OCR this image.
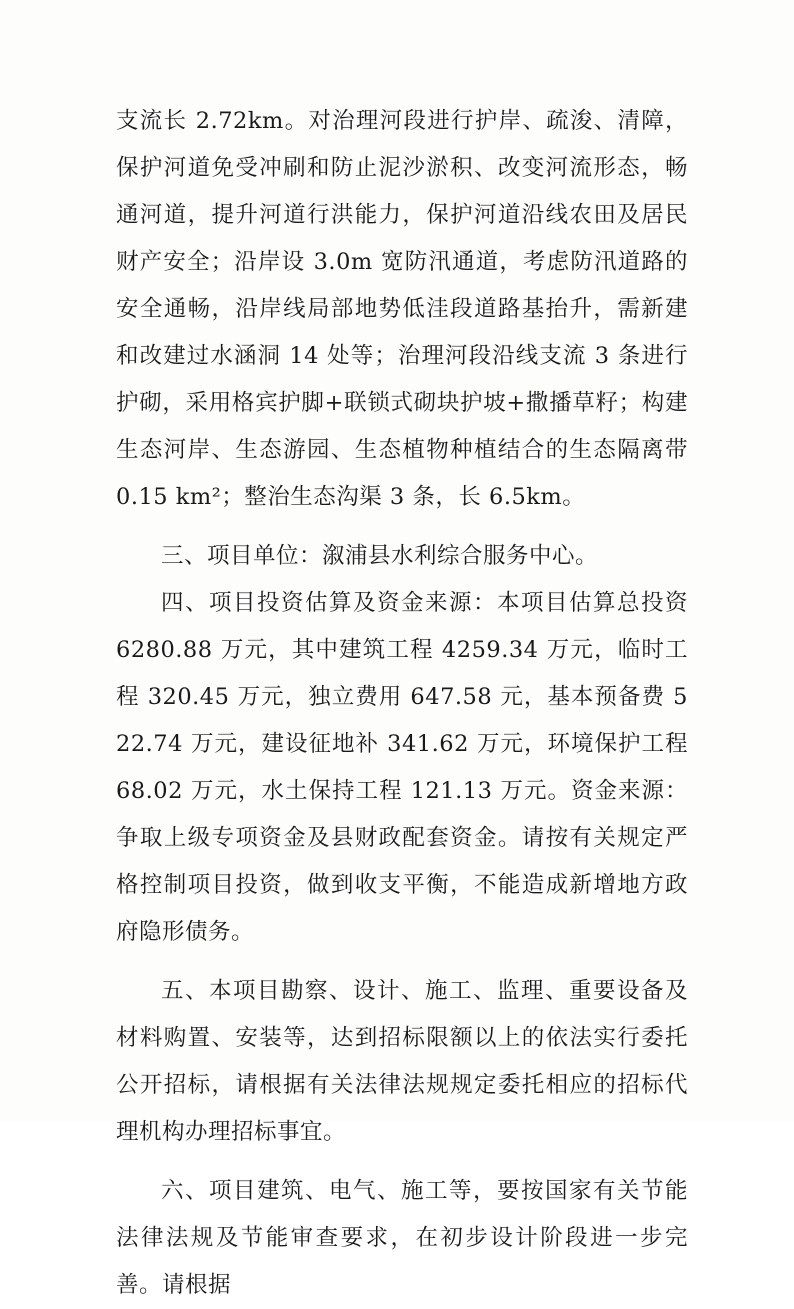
支流长 2.72km。对治理河段进行护岸、疏浚、清障，保护河道免受冲刷和防止泥沙淤积、改变河流形态，畅通河道，提升河道行洪能力，保护河道沿线农田及居民财产安全；沿岸设 3.0m 宽防汛通道，考虑防汛道路的安全通畅，沿岸线局部地势低洼段道路基抬升，需新建和改建过水涵洞 14 处等；治理河段沿线支流 3 条进行护砌，采用格宾护脚+联锁式砌块护坡+撒播草籽；构建生态河岸、生态游园、生态植物种植结合的生态隔离带 0.15 km²；整治生态沟渠 3 条，长 6.5km。

三、项目单位：溆浦县水利综合服务中心。

四、项目投资估算及资金来源：本项目估算总投资 6280.88 万元，其中建筑工程 4259.34 万元，临时工程 320.45 万元，独立费用 647.58 元，基本预备费 522.74 万元，建设征地补 341.62 万元，环境保护工程 68.02 万元，水土保持工程 121.13 万元。资金来源：争取上级专项资金及县财政配套资金。请按有关规定严格控制项目投资，做到收支平衡，不能造成新增地方政府隐形债务。

五、本项目勘察、设计、施工、监理、重要设备及材料购置、安装等，达到招标限额以上的依法实行委托公开招标，请根据有关法律法规规定委托相应的招标代理机构办理招标事宜。

六、项目建筑、电气、施工等，要按国家有关节能法律法规及节能审查要求，在初步设计阶段进一步完善。请根据
